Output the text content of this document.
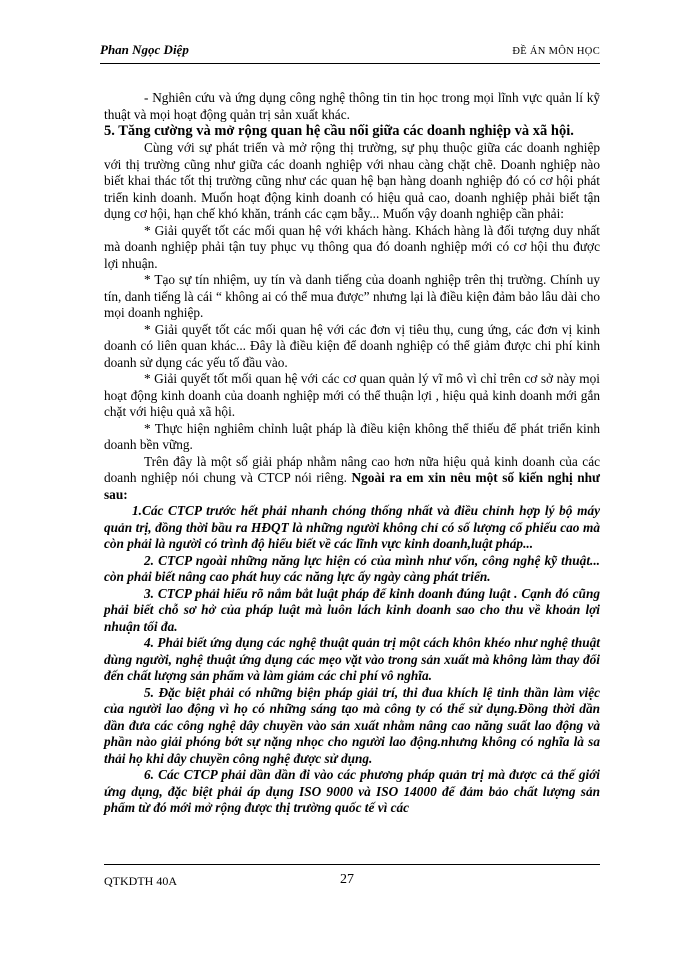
Phan Ngọc Diệp	ĐỀ ÁN MÔN HỌC

- Nghiên cứu và ứng dụng công nghệ thông tin tin học trong mọi lĩnh vực quản lí kỹ thuật và mọi hoạt động quản trị sản xuất khác.

5. Tăng cường và mở rộng quan hệ cầu nối giữa các doanh nghiệp và xã hội.

Cùng với sự phát triển và mở rộng thị trường, sự phụ thuộc giữa các doanh nghiệp với thị trường cũng như giữa các doanh nghiệp với nhau càng chặt chẽ. Doanh nghiệp nào biết khai thác tốt thị trường cũng như các quan hệ bạn hàng doanh nghiệp đó có cơ hội phát triển kinh doanh. Muốn hoạt động kinh doanh có hiệu quả cao, doanh nghiệp phải biết tận dụng cơ hội, hạn chế khó khăn, tránh các cạm bẫy... Muốn vậy doanh nghiệp cần phải:

* Giải quyết tốt các mối quan hệ với khách hàng. Khách hàng là đối tượng duy nhất mà doanh nghiệp phải tận tuy phục vụ thông qua đó doanh nghiệp mới có cơ hội thu được lợi nhuận.

* Tạo sự tín nhiệm, uy tín và danh tiếng của doanh nghiệp trên thị trường. Chính uy tín, danh tiếng là cái “ không ai có thể mua được” nhưng lại là điều kiện đảm bảo lâu dài cho mọi doanh nghiệp.

* Giải quyết tốt các mối quan hệ với các đơn vị tiêu thụ, cung ứng, các đơn vị kinh doanh có liên quan khác... Đây là điều kiện để doanh nghiệp có thể giảm được chi phí kinh doanh sử dụng các yếu tố đầu vào.

* Giải quyết tốt mối quan hệ với các cơ quan quản lý vĩ mô vì chỉ trên cơ sở này mọi hoạt động kinh doanh của doanh nghiệp mới có thể thuận lợi , hiệu quả kinh doanh mới gắn chặt với hiệu quả xã hội.

* Thực hiện nghiêm chỉnh luật pháp là điều kiện không thể thiếu để phát triển kinh doanh bền vững.

Trên đây là một số giải pháp nhằm nâng cao hơn nữa hiệu quả kinh doanh của các doanh nghiệp nói chung và CTCP nói riêng. Ngoài ra em xin nêu một số kiến nghị như sau:

1.Các CTCP trước hết phải nhanh chóng thống nhất và điều chỉnh hợp lý bộ máy quản trị, đồng thời bầu ra HĐQT là những người không chỉ có số lượng cổ phiếu cao mà còn phải là người có trình độ hiểu biết về các lĩnh vực kinh doanh,luật pháp...

2. CTCP ngoài những năng lực hiện có của mình như vốn, công nghệ kỹ thuật... còn phải biết nâng cao phát huy các năng lực ấy ngày càng phát triển.

3. CTCP phải hiểu rõ nắm bắt luật pháp để kinh doanh đúng luật . Cạnh đó cũng phải biết chỗ sơ hở của pháp luật mà luôn lách kinh doanh sao cho thu về khoản lợi nhuận tối đa.

4. Phải biết ứng dụng các nghệ thuật quản trị một cách khôn khéo như nghệ thuật dùng người, nghệ thuật ứng dụng các mẹo vặt vào trong sản xuất mà không làm thay đổi đến chất lượng sản phẩm và làm giảm các chi phí vô nghĩa.

5. Đặc biệt phải có những biện pháp giải trí, thi đua khích lệ tinh thần làm việc của người lao động vì họ có những sáng tạo mà công ty có thể sử dụng.Đồng thời dần dần đưa các công nghệ dây chuyền vào sản xuất nhằm nâng cao năng suất lao động và phần nào giải phóng bớt sự nặng nhọc cho người lao động.nhưng không có nghĩa là sa thải họ khi dây chuyền công nghệ được sử dụng.

6. Các CTCP phải dần dần đi vào các phương pháp quản trị mà được cả thế giới ứng dụng, đặc biệt phải áp dụng ISO 9000 và ISO 14000 để đảm bảo chất lượng sản phẩm từ đó mới mở rộng được thị trường quốc tế vì các

QTKDTH 40A	27
